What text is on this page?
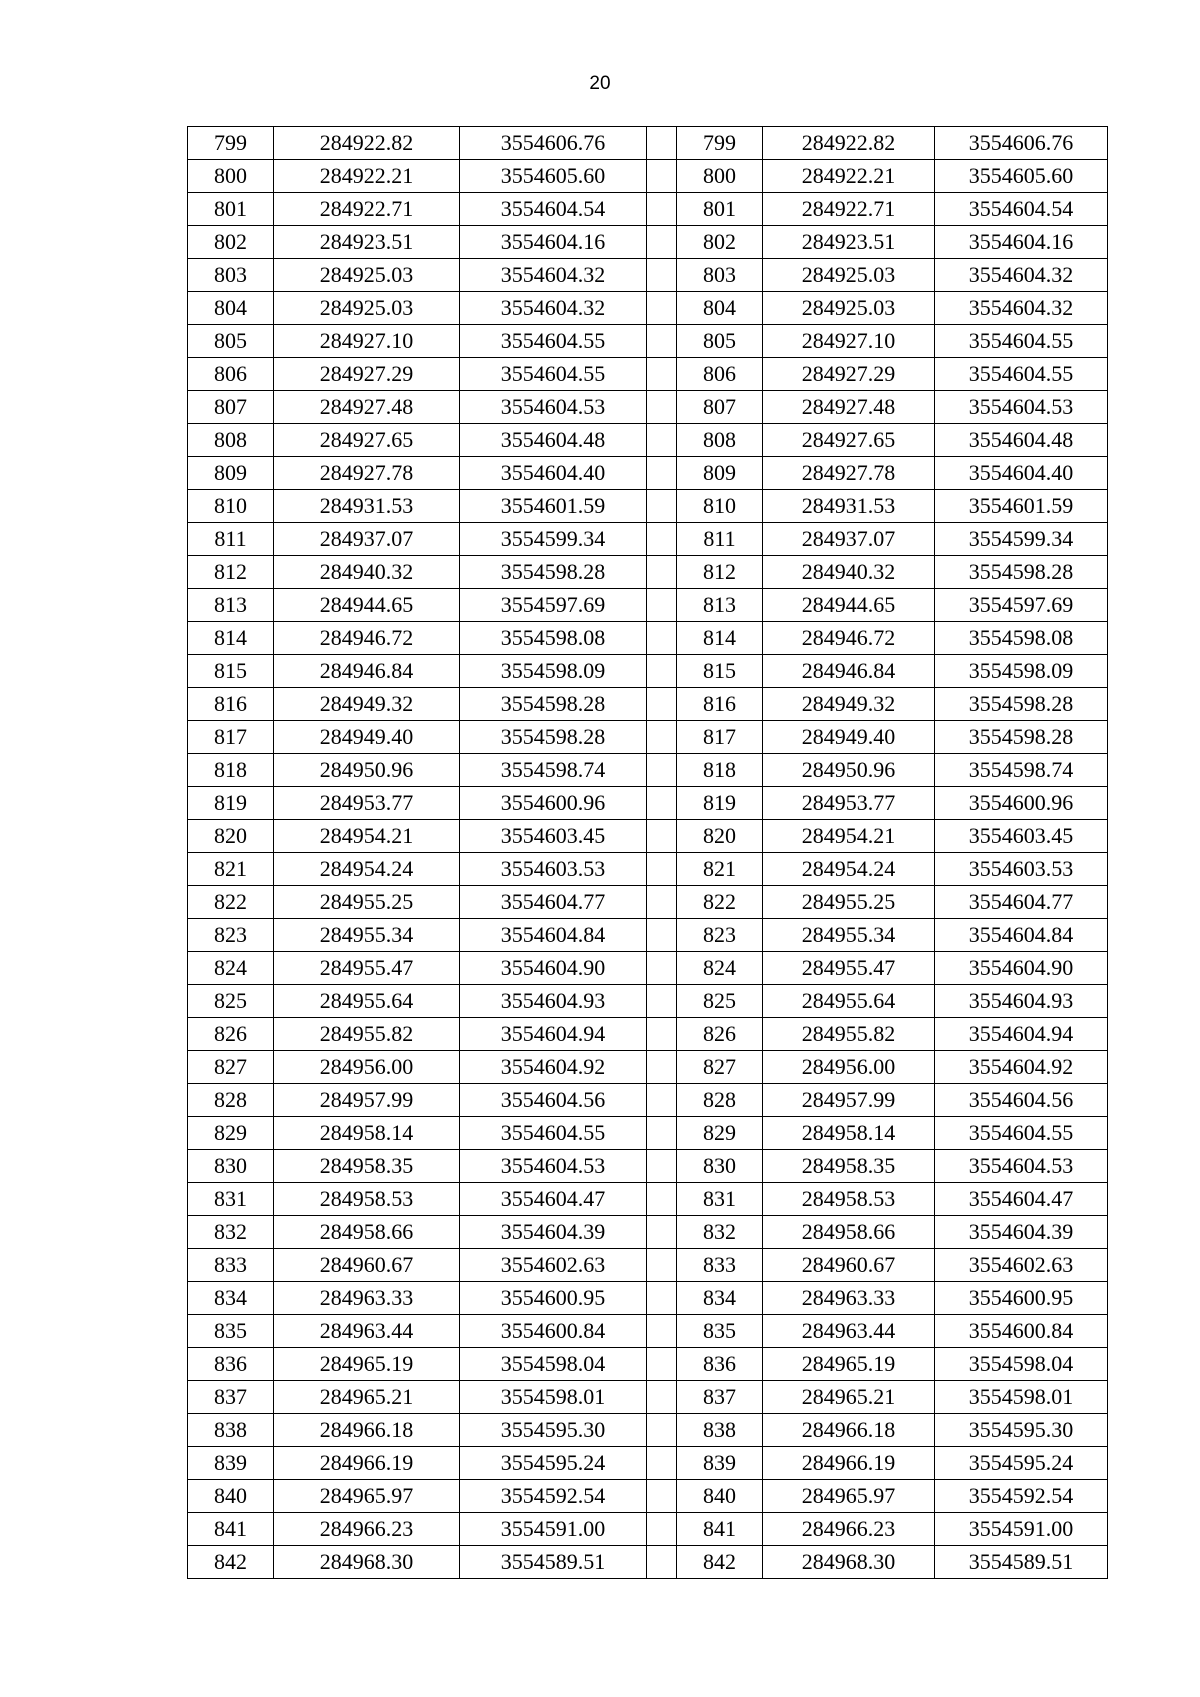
20
799	284922.82	3554606.76		799	284922.82	3554606.76
800	284922.21	3554605.60		800	284922.21	3554605.60
801	284922.71	3554604.54		801	284922.71	3554604.54
802	284923.51	3554604.16		802	284923.51	3554604.16
803	284925.03	3554604.32		803	284925.03	3554604.32
804	284925.03	3554604.32		804	284925.03	3554604.32
805	284927.10	3554604.55		805	284927.10	3554604.55
806	284927.29	3554604.55		806	284927.29	3554604.55
807	284927.48	3554604.53		807	284927.48	3554604.53
808	284927.65	3554604.48		808	284927.65	3554604.48
809	284927.78	3554604.40		809	284927.78	3554604.40
810	284931.53	3554601.59		810	284931.53	3554601.59
811	284937.07	3554599.34		811	284937.07	3554599.34
812	284940.32	3554598.28		812	284940.32	3554598.28
813	284944.65	3554597.69		813	284944.65	3554597.69
814	284946.72	3554598.08		814	284946.72	3554598.08
815	284946.84	3554598.09		815	284946.84	3554598.09
816	284949.32	3554598.28		816	284949.32	3554598.28
817	284949.40	3554598.28		817	284949.40	3554598.28
818	284950.96	3554598.74		818	284950.96	3554598.74
819	284953.77	3554600.96		819	284953.77	3554600.96
820	284954.21	3554603.45		820	284954.21	3554603.45
821	284954.24	3554603.53		821	284954.24	3554603.53
822	284955.25	3554604.77		822	284955.25	3554604.77
823	284955.34	3554604.84		823	284955.34	3554604.84
824	284955.47	3554604.90		824	284955.47	3554604.90
825	284955.64	3554604.93		825	284955.64	3554604.93
826	284955.82	3554604.94		826	284955.82	3554604.94
827	284956.00	3554604.92		827	284956.00	3554604.92
828	284957.99	3554604.56		828	284957.99	3554604.56
829	284958.14	3554604.55		829	284958.14	3554604.55
830	284958.35	3554604.53		830	284958.35	3554604.53
831	284958.53	3554604.47		831	284958.53	3554604.47
832	284958.66	3554604.39		832	284958.66	3554604.39
833	284960.67	3554602.63		833	284960.67	3554602.63
834	284963.33	3554600.95		834	284963.33	3554600.95
835	284963.44	3554600.84		835	284963.44	3554600.84
836	284965.19	3554598.04		836	284965.19	3554598.04
837	284965.21	3554598.01		837	284965.21	3554598.01
838	284966.18	3554595.30		838	284966.18	3554595.30
839	284966.19	3554595.24		839	284966.19	3554595.24
840	284965.97	3554592.54		840	284965.97	3554592.54
841	284966.23	3554591.00		841	284966.23	3554591.00
842	284968.30	3554589.51		842	284968.30	3554589.51
